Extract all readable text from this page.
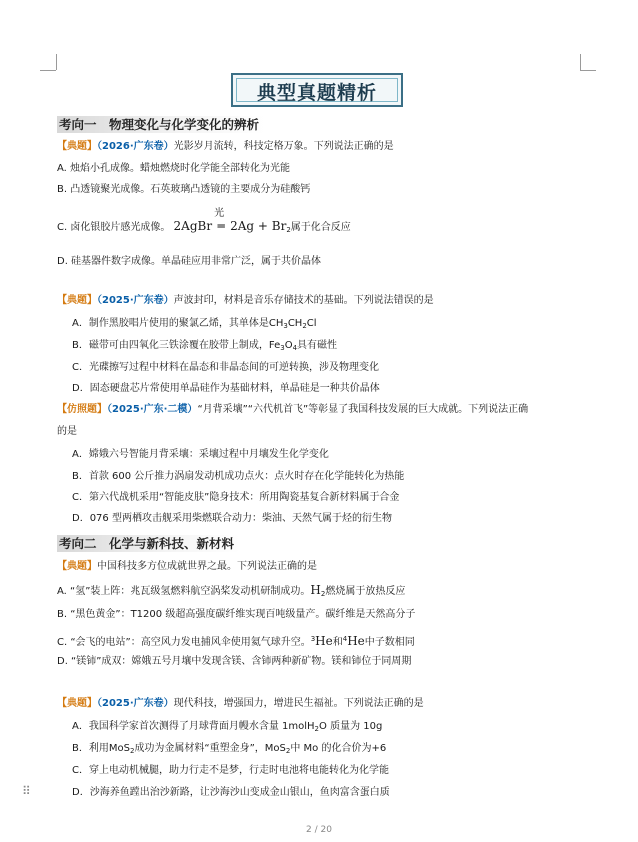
典型真题精析
考向一　物理变化与化学变化的辨析
【典题】（2026·广东卷）光影岁月流转，科技定格万象。下列说法正确的是
A. 烛焰小孔成像。蜡烛燃烧时化学能全部转化为光能
B. 凸透镜聚光成像。石英玻璃凸透镜的主要成分为硅酸钙
C. 卤化银胶片感光成像。 2AgBr
光
═ $2Ag + Br_2$属于化合反应
D. 硅基器件数字成像。单晶硅应用非常广泛，属于共价晶体
【典题】（2025·广东卷）声波封印，材料是音乐存储技术的基础。下列说法错误的是
A．制作黑胶唱片使用的聚氯乙烯，其单体是$CH_3CH_2Cl$
B．磁带可由四氧化三铁涂覆在胶带上制成，$Fe_3O_4$具有磁性
C．光碟擦写过程中材料在晶态和非晶态间的可逆转换，涉及物理变化
D．固态硬盘芯片常使用单晶硅作为基础材料，单晶硅是一种共价晶体
【仿照题】（2025·广东·二模）“月背采壤”“六代机首飞”等彰显了我国科技发展的巨大成就。下列说法正确
的是
A．嫦娥六号智能月背采壤：采壤过程中月壤发生化学变化
B．首款 600 公斤推力涡扇发动机成功点火：点火时存在化学能转化为热能
C．第六代战机采用“智能皮肤”隐身技术：所用陶瓷基复合新材料属于合金
D．076 型两栖攻击舰采用柴燃联合动力：柴油、天然气属于烃的衍生物
考向二　化学与新科技、新材料
【典题】中国科技多方位成就世界之最。下列说法正确的是
A. “氢”装上阵：兆瓦级氢燃料航空涡桨发动机研制成功。$H_2$燃烧属于放热反应
B. “黑色黄金”：T1200 级超高强度碳纤维实现百吨级量产。碳纤维是天然高分子
C. “会飞的电站”：高空风力发电捕风伞使用氦气球升空。$^3$He和$^4$He中子数相同
D. “镁铈”成双：嫦娥五号月壤中发现含镁、含铈两种新矿物。镁和铈位于同周期
【典题】（2025·广东卷）现代科技，增强国力，增进民生福祉。下列说法正确的是
A．我国科学家首次测得了月球背面月幔水含量 1molH$_2$O 质量为 10g
B．利用MoS$_2$成功为金属材料“重塑金身”，MoS$_2$中 Mo 的化合价为+6
C．穿上电动机械腿，助力行走不是梦，行走时电池将电能转化为化学能
D．沙海养鱼蹚出治沙新路，让沙海沙山变成金山银山，鱼肉富含蛋白质
⠿
2 / 20
